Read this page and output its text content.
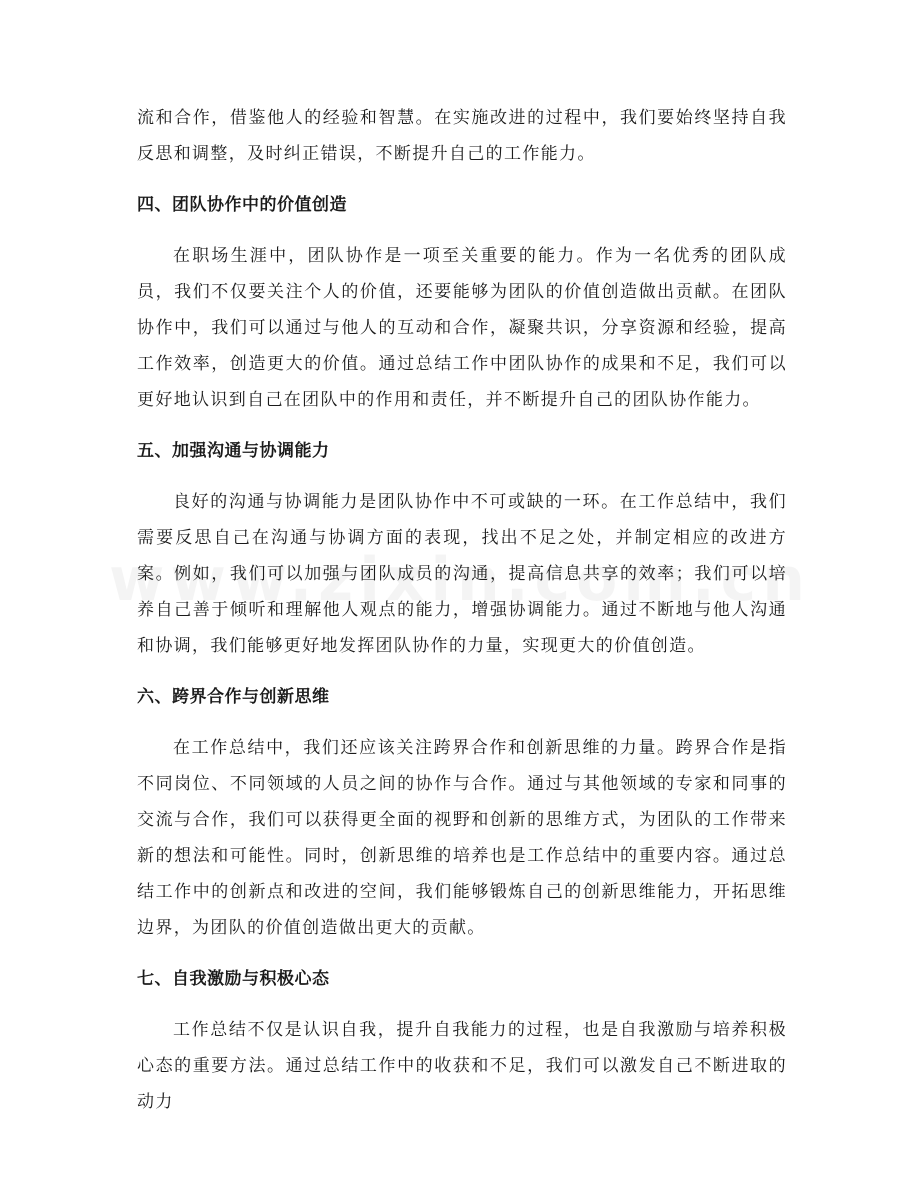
流和合作，借鉴他人的经验和智慧。在实施改进的过程中，我们要始终坚持自我反思和调整，及时纠正错误，不断提升自己的工作能力。

四、团队协作中的价值创造

在职场生涯中，团队协作是一项至关重要的能力。作为一名优秀的团队成员，我们不仅要关注个人的价值，还要能够为团队的价值创造做出贡献。在团队协作中，我们可以通过与他人的互动和合作，凝聚共识，分享资源和经验，提高工作效率，创造更大的价值。通过总结工作中团队协作的成果和不足，我们可以更好地认识到自己在团队中的作用和责任，并不断提升自己的团队协作能力。

五、加强沟通与协调能力

良好的沟通与协调能力是团队协作中不可或缺的一环。在工作总结中，我们需要反思自己在沟通与协调方面的表现，找出不足之处，并制定相应的改进方案。例如，我们可以加强与团队成员的沟通，提高信息共享的效率；我们可以培养自己善于倾听和理解他人观点的能力，增强协调能力。通过不断地与他人沟通和协调，我们能够更好地发挥团队协作的力量，实现更大的价值创造。

六、跨界合作与创新思维

在工作总结中，我们还应该关注跨界合作和创新思维的力量。跨界合作是指不同岗位、不同领域的人员之间的协作与合作。通过与其他领域的专家和同事的交流与合作，我们可以获得更全面的视野和创新的思维方式，为团队的工作带来新的想法和可能性。同时，创新思维的培养也是工作总结中的重要内容。通过总结工作中的创新点和改进的空间，我们能够锻炼自己的创新思维能力，开拓思维边界，为团队的价值创造做出更大的贡献。

七、自我激励与积极心态

工作总结不仅是认识自我，提升自我能力的过程，也是自我激励与培养积极心态的重要方法。通过总结工作中的收获和不足，我们可以激发自己不断进取的动力
